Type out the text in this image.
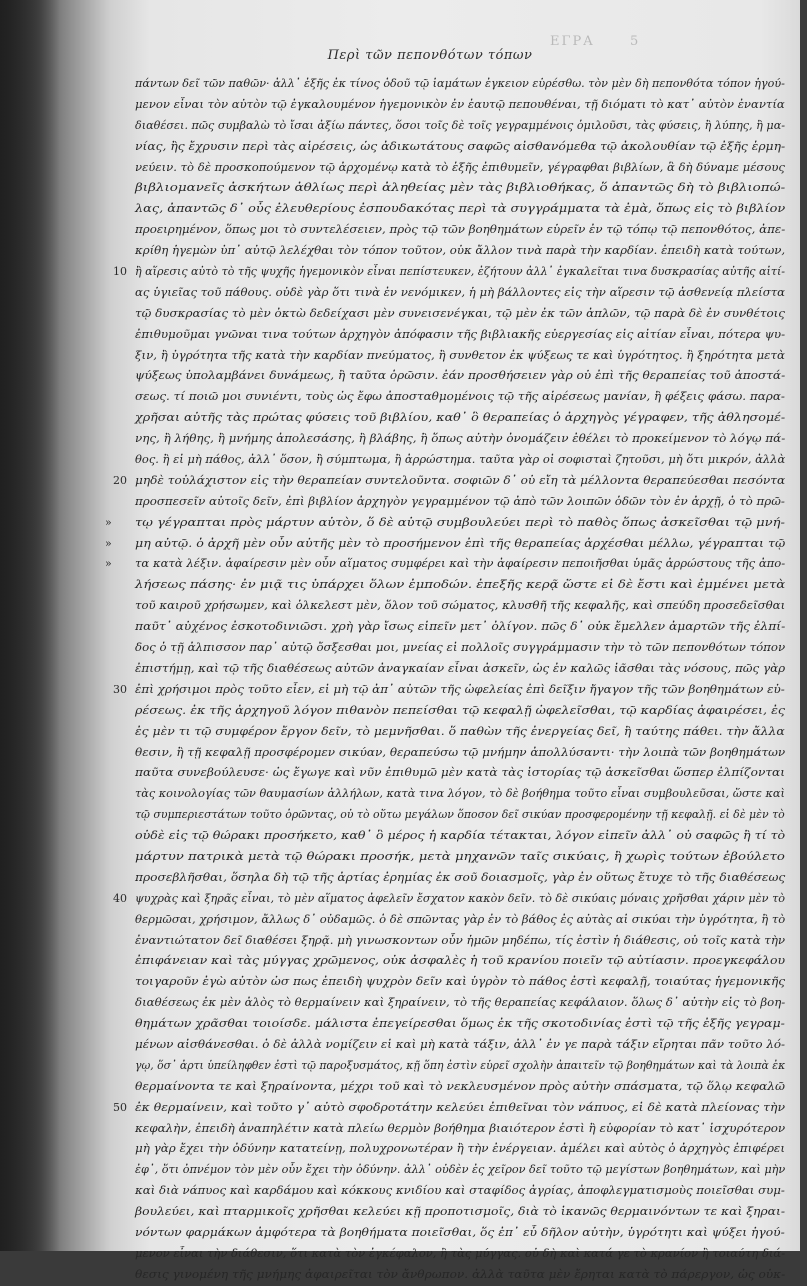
ΕΓΡΑ	5
Περὶ τῶν πεπονθότων τόπων
πάντων δεῖ τῶν παθῶν· ἀλλ᾽ ἑξῆς ἐκ τίνος ὁδοῦ τῷ ἰαμάτων ἐγκειον εὑρέσθω. τὸν μὲν δὴ πεπονθότα τόπον ἡγού-
μενον εἶναι τὸν αὐτὸν τῷ ἐγκαλουμένον ἡγεμονικὸν ἐν ἑαυτῷ πεπουθέναι, τῇ διόματι τὸ κατ᾽ αὐτὸν ἐναντία
διαθέσει. πῶς συμβαλὼ τὸ ἴσαι ἀξίω πάντες, ὅσοι τοῖς δὲ τοῖς γεγραμμένοις ὁμιλοῦσι, τὰς φύσεις, ἢ λύπης, ἢ μα-
νίας, ἢς ἔχρυσιν περὶ τὰς αἱρέσεις, ὡς ἀδικωτάτους σαφῶς αἰσθανόμεθα τῷ ἀκολουθίαν τῷ ἐξῆς ἑρμη-
νεύειν. τὸ δὲ προσκοπούμενον τῷ ἀρχομένῳ κατὰ τὸ ἑξῆς ἐπιθυμεῖν, γέγραφθαι βιβλίων, ἃ δὴ δύναμε μέσους
βιβλιομανεῖς ἀσκήτων ἀθλίως περὶ ἀληθείας μὲν τὰς βιβλιοθήκας, ὅ ἀπαντῶς δὴ τὸ βιβλιοπώ-
λας, ἀπαντῶς δ᾽ οὖς ἐλευθερίους ἐσπουδακότας περὶ τὰ συγγράμματα τὰ ἐμὰ, ὅπως εἰς τὸ βιβλίον
προειρημένον, ὅπως μοι τὸ συντελέσειεν, πρὸς τῷ τῶν βοηθημάτων εὑρεῖν ἐν τῷ τόπῳ τῷ πεπονθότος, ἀπε-
κρίθη ἡγεμὼν ὑπ᾽ αὐτῷ λελέχθαι τὸν τόπον τοῦτον, οὐκ ἄλλον τινὰ παρὰ τὴν καρδίαν. ἐπειδὴ κατὰ τούτων,
10 ἢ αἵρεσις αὐτὸ τὸ τῆς ψυχῆς ἡγεμονικὸν εἶναι πεπίστευκεν, ἐζήτουν ἀλλ᾽ ἐγκαλεῖται τινα δυσκρασίας αὐτῆς αἰτί-
ας ὑγιεῖας τοῦ πάθους. οὐδὲ γὰρ ὅτι τινὰ ἐν νενόμικεν, ἡ μὴ βάλλοντες εἰς τὴν αἵρεσιν τῷ ἀσθενείᾳ πλείστα
τῷ δυσκρασίας τὸ μὲν ὀκτὼ δεδείχασι μὲν συνεισενέγκαι, τῷ μὲν ἐκ τῶν ἀπλῶν, τῷ παρὰ δὲ ἐν συνθέτοις
ἐπιθυμοῦμαι γνῶναι τινα τούτων ἀρχηγὸν ἀπόφασιν τῆς βιβλιακῆς εὐεργεσίας εἰς αἰτίαν εἶναι, πότερα ψυ-
ξιν, ἢ ὑγρότητα τῆς κατὰ τὴν καρδίαν πνεύματος, ἢ συνθετον ἐκ ψύξεως τε καὶ ὑγρότητος. ἢ ξηρότητα μετὰ
ψύξεως ὑπολαμβάνει δυνάμεως, ἢ ταῦτα ὁρῶσιν. ἐάν προσθήσειεν γὰρ οὐ ἐπὶ τῆς θεραπείας τοῦ ἀποστά-
σεως. τί ποιῶ μοι συνιέντι, τοὺς ὡς ἔφω ἀποσταθμομένοις τῷ τῆς αἱρέσεως μανίαν, ἢ φέξεις φάσω. παρα-
χρῆσαι αὐτῆς τὰς πρώτας φύσεις τοῦ βιβλίου, καθ᾽ ὃ θεραπείας ὁ ἀρχηγὸς γέγραφεν, τῆς ἀθλησομέ-
νης, ἢ λήθης, ἢ μνήμης ἀπολεσάσης, ἢ βλάβης, ἢ ὅπως αὐτὴν ὀνομάζειν ἐθέλει τὸ προκείμενον τὸ λόγῳ πά-
θος. ἢ εἰ μὴ πάθος, ἀλλ᾽ ὅσον, ἢ σύμπτωμα, ἢ ἀρρώστημα. ταῦτα γὰρ οἱ σοφισταὶ ζητοῦσι, μὴ ὅτι μικρόν, ἀλλὰ
20 μηδὲ τοὐλάχιστον εἰς τὴν θεραπείαν συντελοῦντα. σοφιῶν δ᾽ οὐ εἴη τὰ μέλλοντα θεραπεύεσθαι πεσόντα
προσπεσεῖν αὐτοῖς δεῖν, ἐπὶ βιβλίον ἀρχηγὸν γεγραμμένον τῷ ἀπὸ τῶν λοιπῶν ὁδῶν τὸν ἐν ἀρχῇ, ὁ τὸ πρῶ-
» τῳ γέγραπται πρὸς μάρτυν αὐτὸν, ὅ δὲ αὐτῷ συμβουλεύει περὶ τὸ παθὸς ὅπως ἀσκεῖσθαι τῷ μνή-
» μη αὐτῷ. ὁ ἀρχῆ μὲν οὖν αὐτῆς μὲν τὸ προσήμενον ἐπὶ τῆς θεραπείας ἀρχέσθαι μέλλω, γέγραπται τῷ
» τα κατὰ λέξιν. ἀφαίρεσιν μὲν οὖν αἵματος συμφέρει καὶ τὴν ἀφαίρεσιν πεποιῆσθαι ὑμᾶς ἀρρώστους τῆς ἀπο-
λήσεως πάσης· ἐν μιᾷ τις ὑπάρχει ὅλων ἐμποδών. ἐπεξῆς κερᾷ ὥστε εἰ δὲ ἔστι καὶ ἐμμένει μετὰ
τοῦ καιροῦ χρήσωμεν, καὶ ὁλκελεστ μὲν, ὅλον τοῦ σώματος, κλυσθῆ τῆς κεφαλῆς, καὶ σπεύδη προσεδεῖσθαι
παῦτ᾽ αὐχένος ἐσκοτοδινιῶσι. χρὴ γὰρ ἴσως εἰπεῖν μετ᾽ ὀλίγον. πῶς δ᾽ οὐκ ἔμελλεν ἀμαρτῶν τῆς ἐλπί-
δος ὁ τῇ ἀλπισσον παρ᾽ αὐτῷ ὄσξεσθαι μοι, μνείας εἰ πολλοῖς συγγράμμασιν τὴν τὸ τῶν πεπονθότων τόπον
ἐπιστήμῃ, καὶ τῷ τῆς διαθέσεως αὐτῶν ἀναγκαίαν εἶναι ἀσκεῖν, ὡς ἐν καλῶς ἰᾶσθαι τὰς νόσους, πῶς γὰρ
30 ἐπὶ χρήσιμοι πρὸς τοῦτο εἶεν, εἰ μὴ τῷ ἀπ᾽ αὐτῶν τῆς ὠφελείας ἐπὶ δεῖξιν ἤγαγον τῆς τῶν βοηθημάτων εὑ-
ρέσεως. ἐκ τῆς ἀρχηγοῦ λόγον πιθανὸν πεπείσθαι τῷ κεφαλῇ ὠφελεῖσθαι, τῷ καρδίας ἀφαιρέσει, ἐς
ἐς μὲν τι τῷ συμφέρον ἔργον δεῖν, τὸ μεμνῆσθαι. ὅ παθὼν τῆς ἐνεργείας δεῖ, ἢ ταύτης πάθει. τὴν ἄλλα
θεσιν, ἢ τῇ κεφαλῇ προσφέρομεν σικύαν, θεραπεύσω τῷ μνήμην ἀπολλύσαντι· τὴν λοιπὰ τῶν βοηθημάτων
παῦτα συνεβούλευσε· ὡς ἔγωγε καὶ νῦν ἐπιθυμῶ μὲν κατὰ τὰς ἰστορίας τῷ ἀσκεῖσθαι ὥσπερ ἐλπίζονται
τὰς κοινολογίας τῶν θαυμασίων ἀλλήλων, κατὰ τινα λόγον, τὸ δὲ βοήθημα τοῦτο εἶναι συμβουλεῦσαι, ὥστε καὶ
τῷ συμπεριεστάτων τοῦτο ὁρῶντας, οὐ τὸ οὕτω μεγάλων ὅποσον δεῖ σικύαν προσφερομένην τῇ κεφαλῇ. εἰ δὲ μὲν τὸ
οὐδὲ εἰς τῷ θώρακι προσήκετο, καθ᾽ ὃ μέρος ἡ καρδία τέτακται, λόγον εἰπεῖν ἀλλ᾽ οὐ σαφῶς ἢ τί τὸ
μάρτυν πατρικὰ μετὰ τῷ θώρακι προσήκ, μετὰ μηχανῶν ταῖς σικύαις, ἢ χωρὶς τούτων ἐβούλετο
προσεβλῆσθαι, ὅσηλα δὴ τῷ τῆς ἀρτίας ἐρημίας ἐκ σοῦ δοιασμοῖς, γὰρ ἐν οὕτως ἔτυχε τὸ τῆς διαθέσεως
40 ψυχρὰς καὶ ξηρᾶς εἶναι, τὸ μὲν αἵματος ἀφελεῖν ἔσχατον κακὸν δεῖν. τὸ δὲ σικύαις μόναις χρῆσθαι χάριν μὲν τὸ
θερμῶσαι, χρήσιμον, ἄλλως δ᾽ οὐδαμῶς. ὁ δὲ σπῶντας γὰρ ἐν τὸ βάθος ἐς αὐτὰς αἱ σικύαι τὴν ὑγρότητα, ἢ τὸ
ἐναντιώτατον δεῖ διαθέσει ξηρᾷ. μὴ γινωσκοντων οὖν ἡμῶν μηδέπω, τίς ἐστὶν ἡ διάθεσις, οὐ τοῖς κατὰ τὴν
ἐπιφάνειαν καὶ τὰς μύγγας χρῶμενος, οὐκ ἀσφαλὲς ἡ τοῦ κρανίου ποιεῖν τῷ αὐτίασιν. προεγκεφάλου
τοιγαροῦν ἐγὼ αὐτὸν ὠσ πως ἐπειδὴ ψυχρὸν δεῖν καὶ ὑγρὸν τὸ πάθος ἐστὶ κεφαλῇ, τοιαύτας ἡγεμονικῆς
διαθέσεως ἐκ μὲν ἀλὸς τὸ θερμαίνειν καὶ ξηραίνειν, τὸ τῆς θεραπείας κεφάλαιον. ὅλως δ᾽ αὐτὴν εἰς τὸ βοη-
θημάτων χρᾶσθαι τοιοίσδε. μάλιστα ἐπεγείρεσθαι ὅμως ἐκ τῆς σκοτοδινίας ἐστὶ τῷ τῆς ἐξῆς γεγραμ-
μένων αἰσθάνεσθαι. ὁ δὲ ἀλλὰ νομίζειν εἰ καὶ μὴ κατὰ τάξιν, ἀλλ᾽ ἐν γε παρὰ τάξιν εἴρηται πᾶν τοῦτο λό-
γῳ, ὅσ᾽ ἀρτι ὑπείληφθεν ἐστὶ τῷ παροξυσμάτος, κῇ ὅπη ἐστὶν εὑρεῖ σχολὴν ἀπαιτεῖν τῷ βοηθημάτων καὶ τὰ λοιπὰ ἐκ
θερμαίνοντα τε καὶ ξηραίνοντα, μέχρι τοῦ καὶ τὸ νεκλευσμένον πρὸς αὐτὴν σπάσματα, τῷ ὅλῳ κεφαλῶ
50 ἐκ θερμαίνειν, καὶ τοῦτο γ᾽ αὐτὸ σφοδροτάτην κελεύει ἐπιθεῖναι τὸν νάπυος, εἰ δὲ κατὰ πλείονας τὴν
κεφαλὴν, ἐπειδὴ ἀναπηλέτιν κατὰ πλείω θερμὸν βοήθημα βιαιότερον ἐστὶ ἢ εὐφορίαν τὸ κατ᾽ ἰσχυρότερον
μὴ γὰρ ἔχει τὴν ὀδύνην κατατείνῃ, πολυχρονωτέραν ἢ τὴν ἐνέργειαν. ἀμέλει καὶ αὐτὸς ὁ ἀρχηγὸς ἐπιφέρει
ἐφ᾽, ὅτι ὀπνέμον τὸν μὲν οὖν ἔχει τὴν ὀδύνην. ἀλλ᾽ οὐδὲν ἐς χεῖρον δεῖ τοῦτο τῷ μεγίστων βοηθημάτων, καὶ μὴν
καὶ διὰ νάπυος καὶ καρδάμου καὶ κόκκους κνιδίου καὶ σταφίδος ἀγρίας, ἀποφλεγματισμοὺς ποιεῖσθαι συμ-
βουλεύει, καὶ πταρμικοῖς χρῆσθαι κελεύει κῇ προποτισμοῖς, διὰ τὸ ἱκανῶς θερμαινόντων τε καὶ ξηραι-
νόντων φαρμάκων ἀμφότερα τὰ βοηθήματα ποιεῖσθαι, ὅς ἐπ᾽ εὖ δῆλον αὐτὴν, ὑγρότητι καὶ ψύξει ἡγού-
μενον εἶναι τὴν διάθεσιν, ὅτι κατὰ τὸν ἐγκέφαλον, ἢ τὰς μύγγας. οὐ δὴ καὶ κατά γε τὸ κρανίον ἢ τοιαύτη διά-
θεσις γινομένη τῆς μνήμης ἀφαιρεῖται τὸν ἄνθρωπον. ἀλλὰ ταῦτα μὲν ἔρηται κατὰ τὸ πάρεργον, ὡς οὐκ-
